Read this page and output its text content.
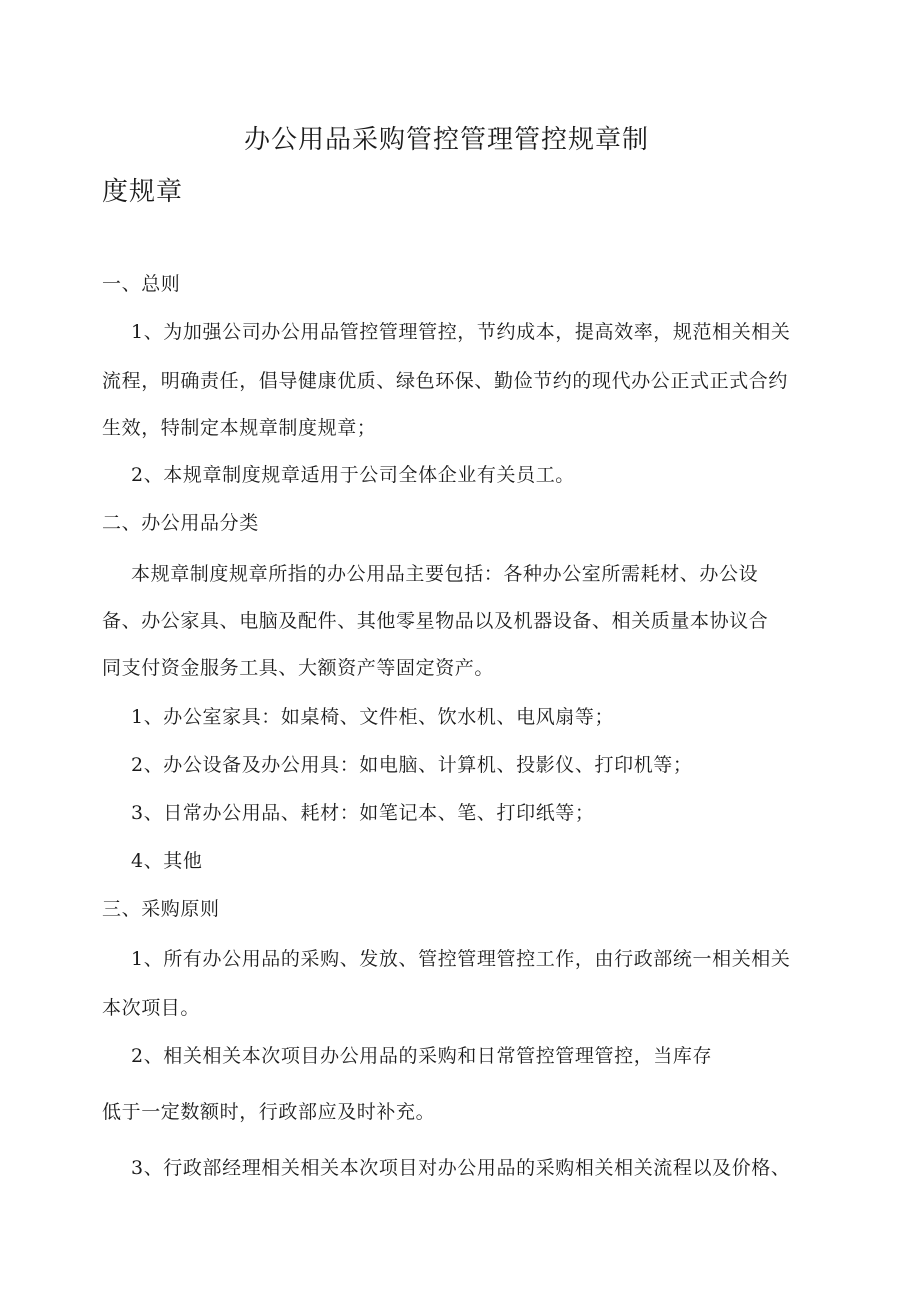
办公用品采购管控管理管控规章制
度规章
一、总则
1、为加强公司办公用品管控管理管控，节约成本，提高效率，规范相关相关
流程，明确责任，倡导健康优质、绿色环保、勤俭节约的现代办公正式正式合约
生效，特制定本规章制度规章；
2、本规章制度规章适用于公司全体企业有关员工。
二、办公用品分类
本规章制度规章所指的办公用品主要包括：各种办公室所需耗材、办公设
备、办公家具、电脑及配件、其他零星物品以及机器设备、相关质量本协议合
同支付资金服务工具、大额资产等固定资产。
1、办公室家具：如桌椅、文件柜、饮水机、电风扇等；
2、办公设备及办公用具：如电脑、计算机、投影仪、打印机等；
3、日常办公用品、耗材：如笔记本、笔、打印纸等；
4、其他
三、采购原则
1、所有办公用品的采购、发放、管控管理管控工作，由行政部统一相关相关
本次项目。
2、相关相关本次项目办公用品的采购和日常管控管理管控，当库存
低于一定数额时，行政部应及时补充。
3、行政部经理相关相关本次项目对办公用品的采购相关相关流程以及价格、
